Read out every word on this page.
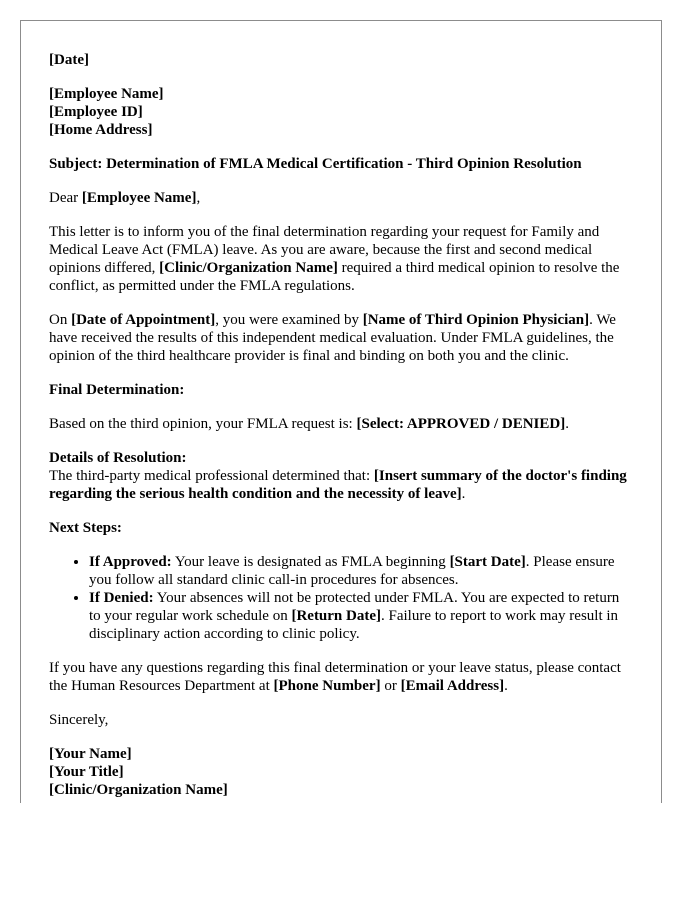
[Date]

[Employee Name]

[Employee ID]

[Home Address]

Subject: Determination of FMLA Medical Certification - Third Opinion Resolution

Dear [Employee Name],

This letter is to inform you of the final determination regarding your request for Family and Medical Leave Act (FMLA) leave. As you are aware, because the first and second medical opinions differed, [Clinic/Organization Name] required a third medical opinion to resolve the conflict, as permitted under the FMLA regulations.

On [Date of Appointment], you were examined by [Name of Third Opinion Physician]. We have received the results of this independent medical evaluation. Under FMLA guidelines, the opinion of the third healthcare provider is final and binding on both you and the clinic.

Final Determination:

Based on the third opinion, your FMLA request is: [Select: APPROVED / DENIED].

Details of Resolution:

The third-party medical professional determined that: [Insert summary of the doctor's finding regarding the serious health condition and the necessity of leave].

Next Steps:

• If Approved: Your leave is designated as FMLA beginning [Start Date]. Please ensure you follow all standard clinic call-in procedures for absences.
• If Denied: Your absences will not be protected under FMLA. You are expected to return to your regular work schedule on [Return Date]. Failure to report to work may result in disciplinary action according to clinic policy.

If you have any questions regarding this final determination or your leave status, please contact the Human Resources Department at [Phone Number] or [Email Address].

Sincerely,

[Your Name]

[Your Title]

[Clinic/Organization Name]
